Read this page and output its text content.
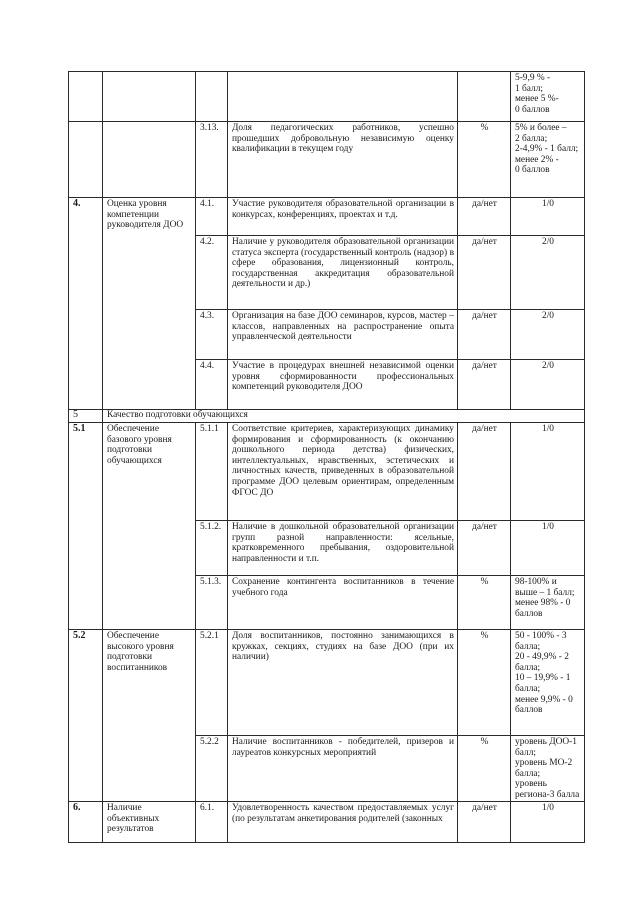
					5-9,9 % -
1 балл;
менее 5 %-
0 баллов
		3.13.	Доля педагогических работников, успешно прошедших добровольную независимую оценку квалификации в текущем году	%	5% и более –
2 балла;
2-4,9% - 1 балл;
менее 2% -
0 баллов
4.	Оценка уровня компетенции руководителя ДОО	4.1.	Участие руководителя образовательной организации в конкурсах, конференциях, проектах и т.д.	да/нет	1/0
		4.2.	Наличие у руководителя образовательной организации статуса эксперта (государственный контроль (надзор) в сфере образования, лицензионный контроль, государственная аккредитация образовательной деятельности и др.)	да/нет	2/0
		4.3.	Организация на базе ДОО семинаров, курсов, мастер – классов, направленных на распространение опыта управленческой деятельности	да/нет	2/0
		4.4.	Участие в процедурах внешней независимой оценки уровня сформированности профессиональных компетенций руководителя ДОО	да/нет	2/0
5	Качество подготовки обучающихся				
5.1	Обеспечение базового уровня подготовки обучающихся	5.1.1	Соответствие критериев, характеризующих динамику формирования и сформированность (к окончанию дошкольного периода детства) физических, интеллектуальных, нравственных, эстетических и личностных качеств, приведенных в образовательной программе ДОО целевым ориентирам, определенным ФГОС ДО	да/нет	1/0
		5.1.2.	Наличие в дошкольной образовательной организации групп разной направленности: ясельные, кратковременного пребывания, оздоровительной направленности и т.п.	да/нет	1/0
		5.1.3.	Сохранение контингента воспитанников в течение учебного года	%	98-100% и выше – 1 балл;
менее 98% - 0 баллов
5.2	Обеспечение высокого уровня подготовки воспитанников	5.2.1	Доля воспитанников, постоянно занимающихся в кружках, секциях, студиях на базе ДОО (при их наличии)	%	50 - 100% - 3 балла;
20 - 49,9% - 2 балла;
10 – 19,9% - 1 балла;
менее 9,9% - 0 баллов
		5.2.2	Наличие воспитанников - победителей, призеров и лауреатов конкурсных мероприятий	%	уровень ДОО-1 балл;
уровень МО-2 балла;
уровень региона-3 балла
6.	Наличие объективных результатов	6.1.	Удовлетворенность качеством предоставляемых услуг (по результатам анкетирования родителей (законных	да/нет	1/0
